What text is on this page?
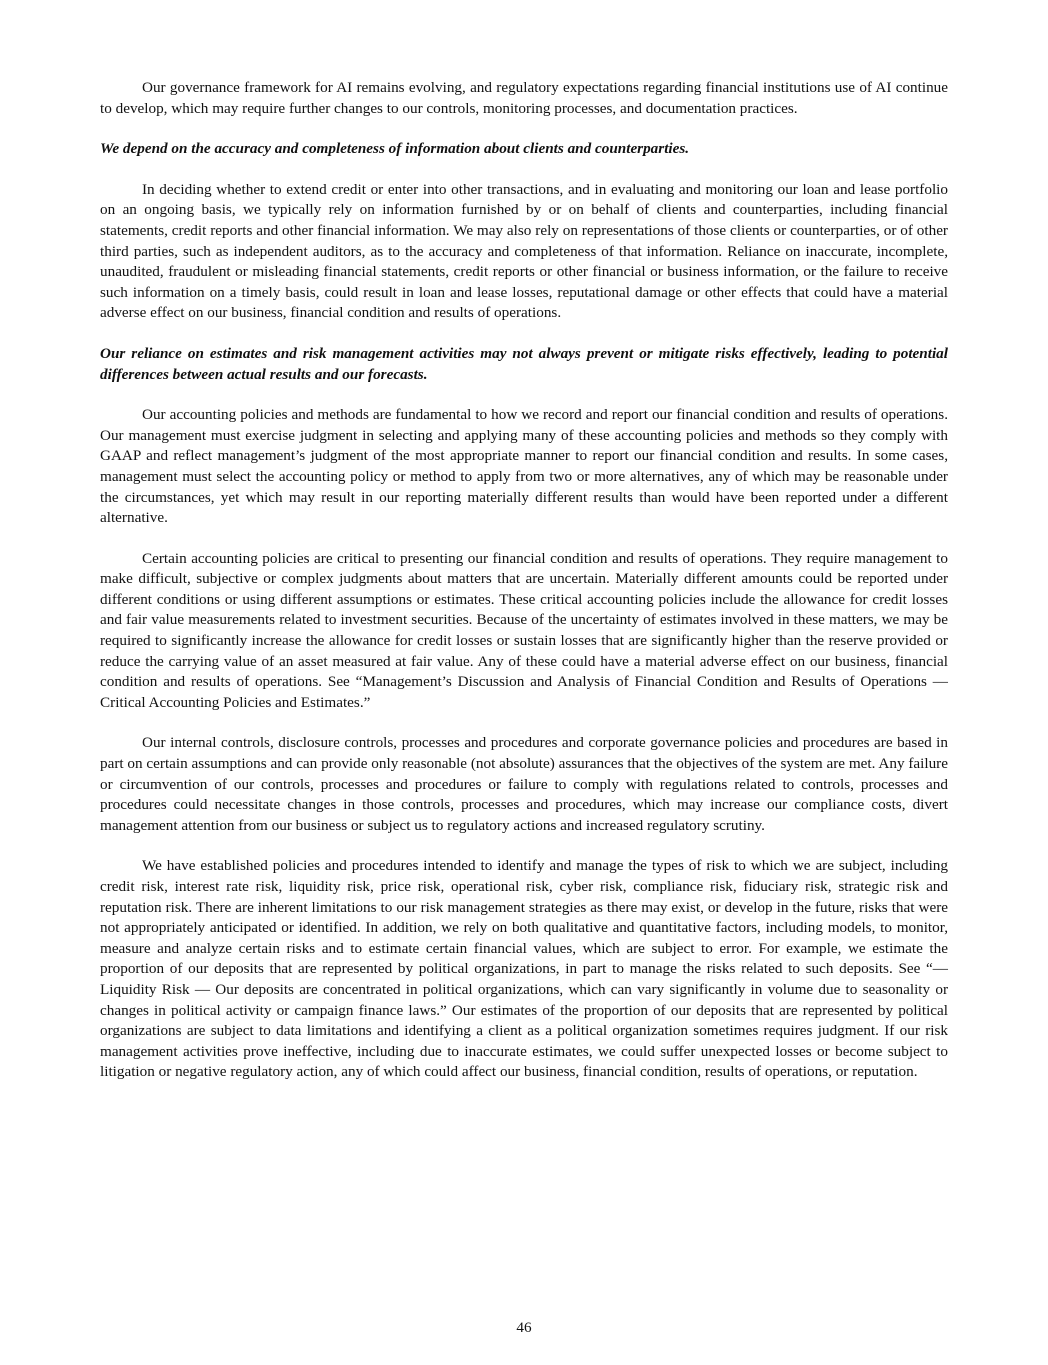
Our governance framework for AI remains evolving, and regulatory expectations regarding financial institutions use of AI continue to develop, which may require further changes to our controls, monitoring processes, and documentation practices.

We depend on the accuracy and completeness of information about clients and counterparties.

In deciding whether to extend credit or enter into other transactions, and in evaluating and monitoring our loan and lease portfolio on an ongoing basis, we typically rely on information furnished by or on behalf of clients and counterparties, including financial statements, credit reports and other financial information. We may also rely on representations of those clients or counterparties, or of other third parties, such as independent auditors, as to the accuracy and completeness of that information. Reliance on inaccurate, incomplete, unaudited, fraudulent or misleading financial statements, credit reports or other financial or business information, or the failure to receive such information on a timely basis, could result in loan and lease losses, reputational damage or other effects that could have a material adverse effect on our business, financial condition and results of operations.

Our reliance on estimates and risk management activities may not always prevent or mitigate risks effectively, leading to potential differences between actual results and our forecasts.

Our accounting policies and methods are fundamental to how we record and report our financial condition and results of operations. Our management must exercise judgment in selecting and applying many of these accounting policies and methods so they comply with GAAP and reflect management’s judgment of the most appropriate manner to report our financial condition and results. In some cases, management must select the accounting policy or method to apply from two or more alternatives, any of which may be reasonable under the circumstances, yet which may result in our reporting materially different results than would have been reported under a different alternative.

Certain accounting policies are critical to presenting our financial condition and results of operations. They require management to make difficult, subjective or complex judgments about matters that are uncertain. Materially different amounts could be reported under different conditions or using different assumptions or estimates. These critical accounting policies include the allowance for credit losses and fair value measurements related to investment securities. Because of the uncertainty of estimates involved in these matters, we may be required to significantly increase the allowance for credit losses or sustain losses that are significantly higher than the reserve provided or reduce the carrying value of an asset measured at fair value. Any of these could have a material adverse effect on our business, financial condition and results of operations. See “Management’s Discussion and Analysis of Financial Condition and Results of Operations — Critical Accounting Policies and Estimates.”

Our internal controls, disclosure controls, processes and procedures and corporate governance policies and procedures are based in part on certain assumptions and can provide only reasonable (not absolute) assurances that the objectives of the system are met. Any failure or circumvention of our controls, processes and procedures or failure to comply with regulations related to controls, processes and procedures could necessitate changes in those controls, processes and procedures, which may increase our compliance costs, divert management attention from our business or subject us to regulatory actions and increased regulatory scrutiny.

We have established policies and procedures intended to identify and manage the types of risk to which we are subject, including credit risk, interest rate risk, liquidity risk, price risk, operational risk, cyber risk, compliance risk, fiduciary risk, strategic risk and reputation risk. There are inherent limitations to our risk management strategies as there may exist, or develop in the future, risks that were not appropriately anticipated or identified. In addition, we rely on both qualitative and quantitative factors, including models, to monitor, measure and analyze certain risks and to estimate certain financial values, which are subject to error. For example, we estimate the proportion of our deposits that are represented by political organizations, in part to manage the risks related to such deposits. See “— Liquidity Risk — Our deposits are concentrated in political organizations, which can vary significantly in volume due to seasonality or changes in political activity or campaign finance laws.” Our estimates of the proportion of our deposits that are represented by political organizations are subject to data limitations and identifying a client as a political organization sometimes requires judgment. If our risk management activities prove ineffective, including due to inaccurate estimates, we could suffer unexpected losses or become subject to litigation or negative regulatory action, any of which could affect our business, financial condition, results of operations, or reputation.

46
